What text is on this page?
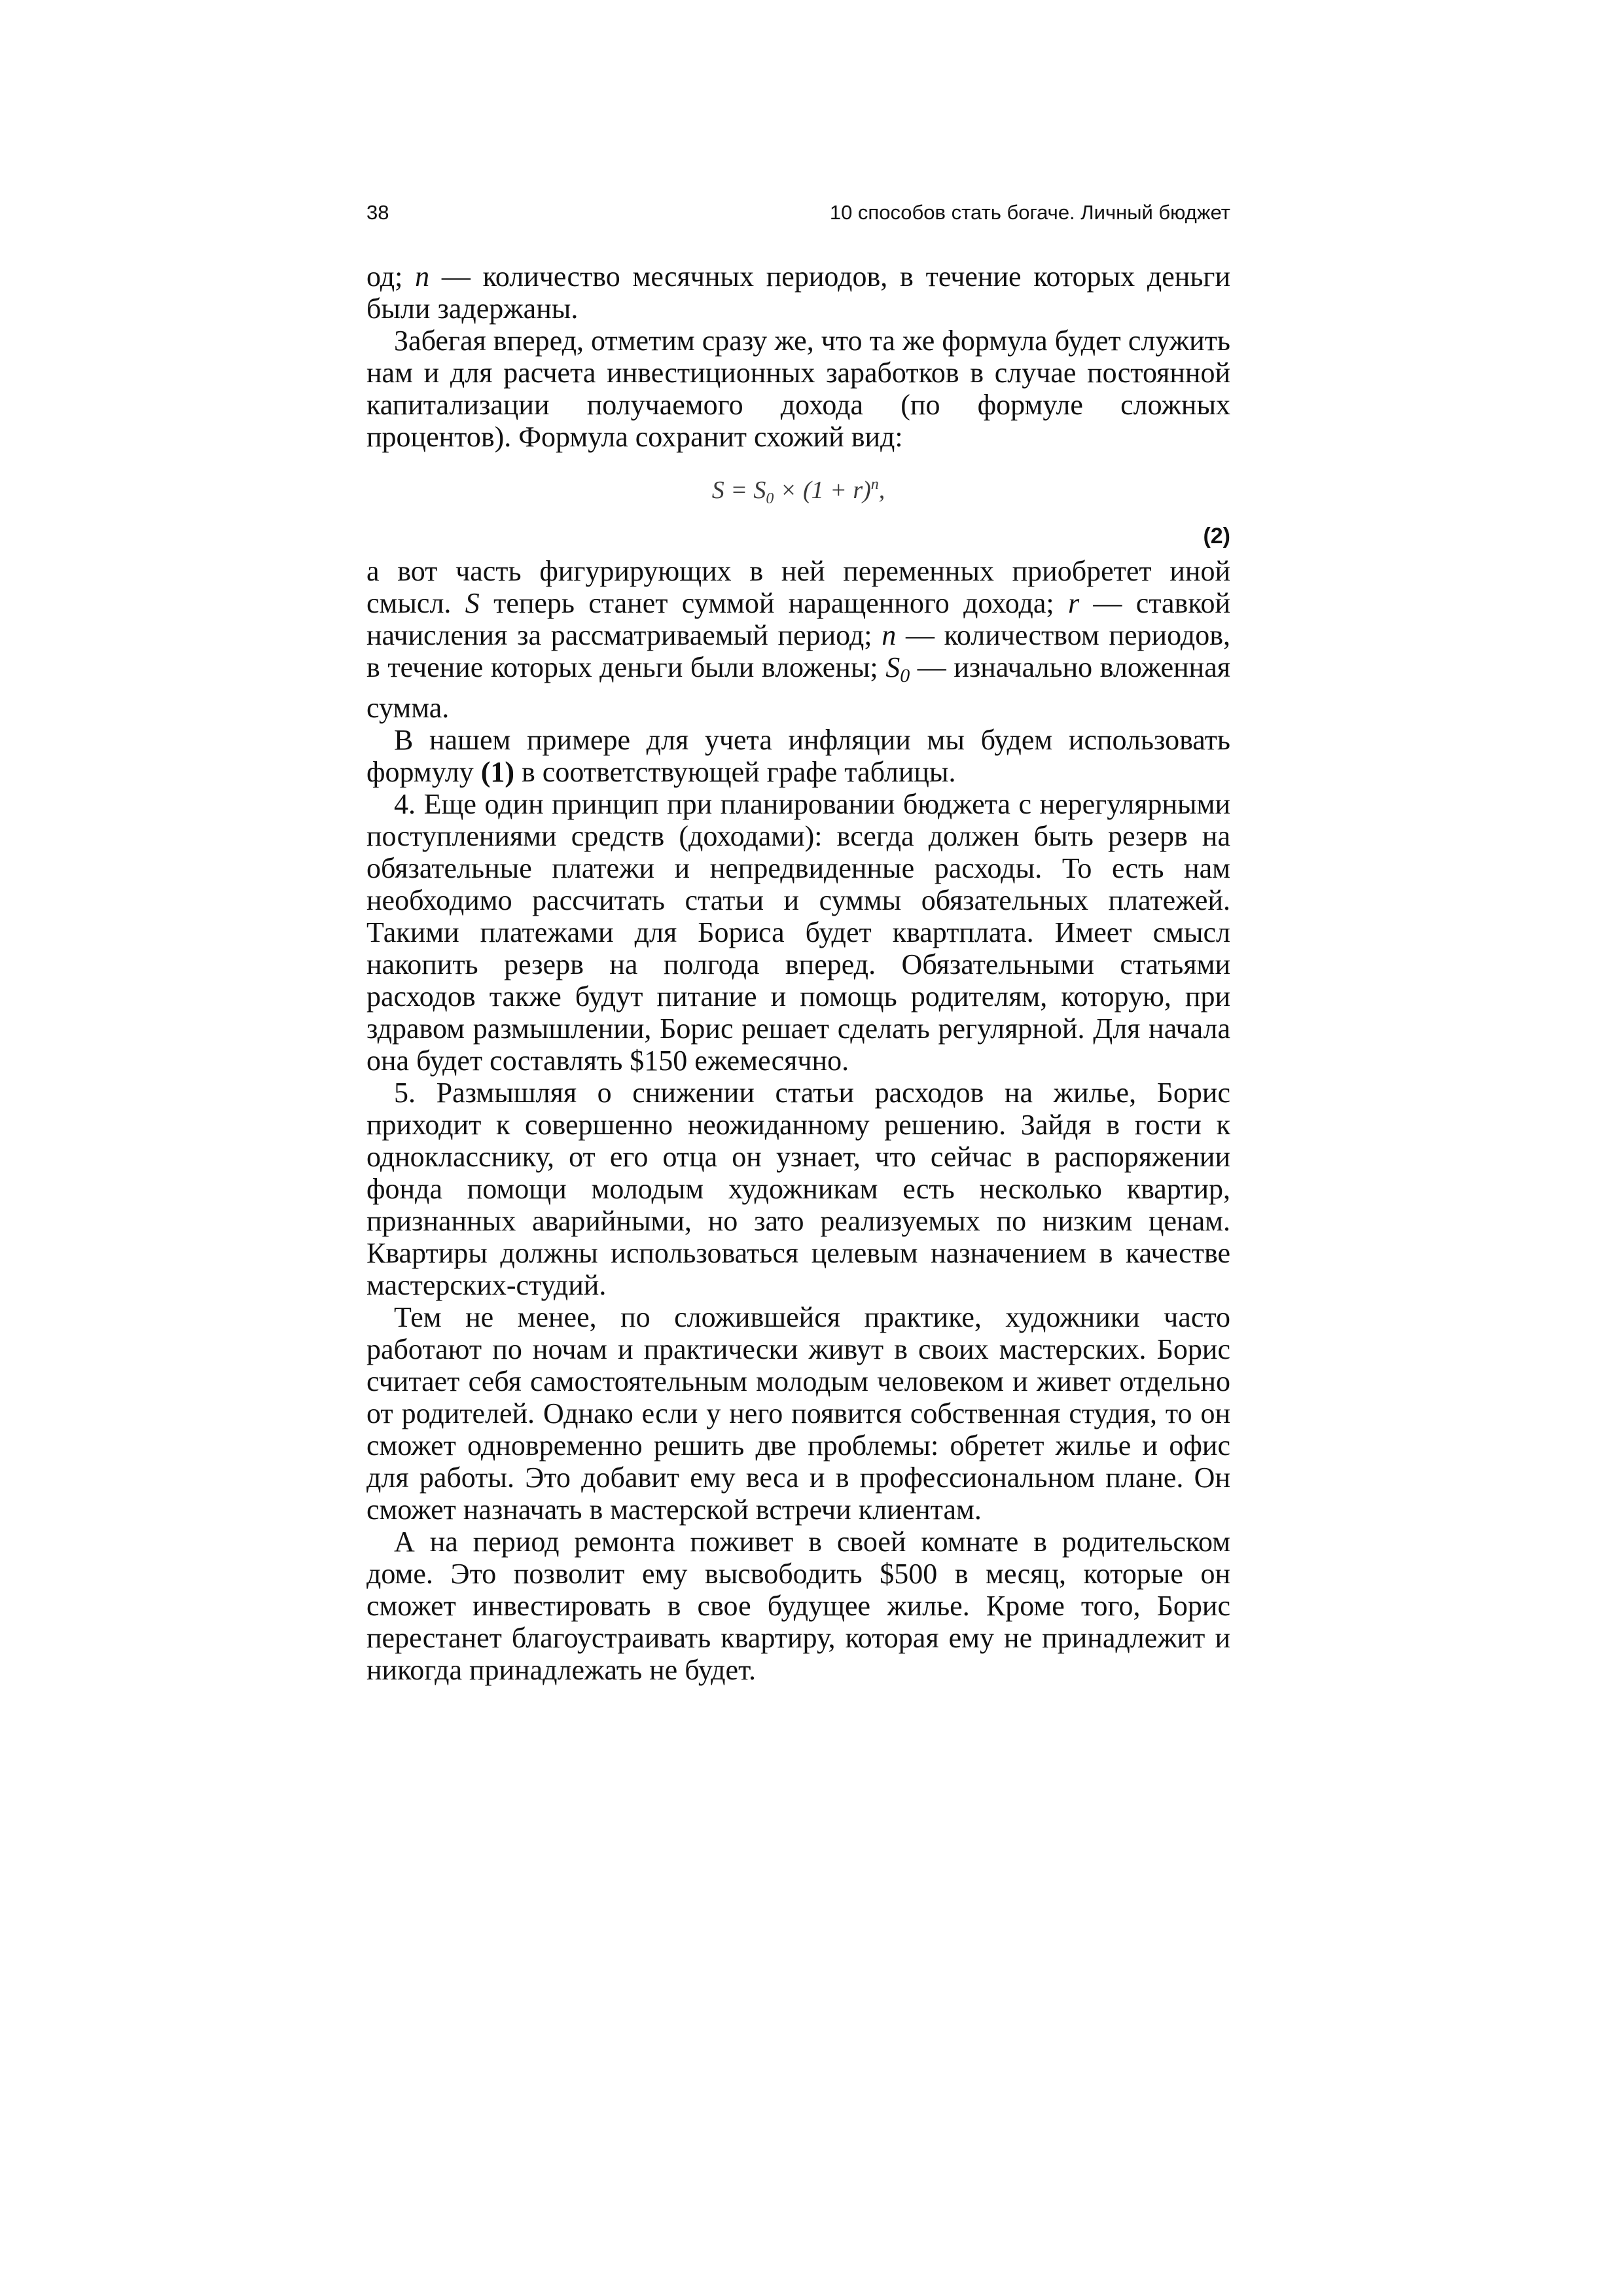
38	10 способов стать богаче. Личный бюджет

од; n — количество месячных периодов, в течение которых деньги были задержаны.

Забегая вперед, отметим сразу же, что та же формула будет служить нам и для расчета инвестиционных заработков в случае постоянной капитализации получаемого дохода (по формуле сложных процентов). Формула сохранит схожий вид:

$S = S_0 \times (1 + r)^n$,
(2)

а вот часть фигурирующих в ней переменных приобретет иной смысл. S теперь станет суммой наращенного дохода; r — ставкой начисления за рассматриваемый период; n — количеством периодов, в течение которых деньги были вложены; S0 — изначально вложенная сумма.

В нашем примере для учета инфляции мы будем использовать формулу (1) в соответствующей графе таблицы.

4. Еще один принцип при планировании бюджета с нерегулярными поступлениями средств (доходами): всегда должен быть резерв на обязательные платежи и непредвиденные расходы. То есть нам необходимо рассчитать статьи и суммы обязательных платежей. Такими платежами для Бориса будет квартплата. Имеет смысл накопить резерв на полгода вперед. Обязательными статьями расходов также будут питание и помощь родителям, которую, при здравом размышлении, Борис решает сделать регулярной. Для начала она будет составлять $150 ежемесячно.

5. Размышляя о снижении статьи расходов на жилье, Борис приходит к совершенно неожиданному решению. Зайдя в гости к однокласснику, от его отца он узнает, что сейчас в распоряжении фонда помощи молодым художникам есть несколько квартир, признанных аварийными, но зато реализуемых по низким ценам. Квартиры должны использоваться целевым назначением в качестве мастерских-студий.

Тем не менее, по сложившейся практике, художники часто работают по ночам и практически живут в своих мастерских. Борис считает себя самостоятельным молодым человеком и живет отдельно от родителей. Однако если у него появится собственная студия, то он сможет одновременно решить две проблемы: обретет жилье и офис для работы. Это добавит ему веса и в профессиональном плане. Он сможет назначать в мастерской встречи клиентам.

А на период ремонта поживет в своей комнате в родительском доме. Это позволит ему высвободить $500 в месяц, которые он сможет инвестировать в свое будущее жилье. Кроме того, Борис перестанет благоустраивать квартиру, которая ему не принадлежит и никогда принадлежать не будет.
